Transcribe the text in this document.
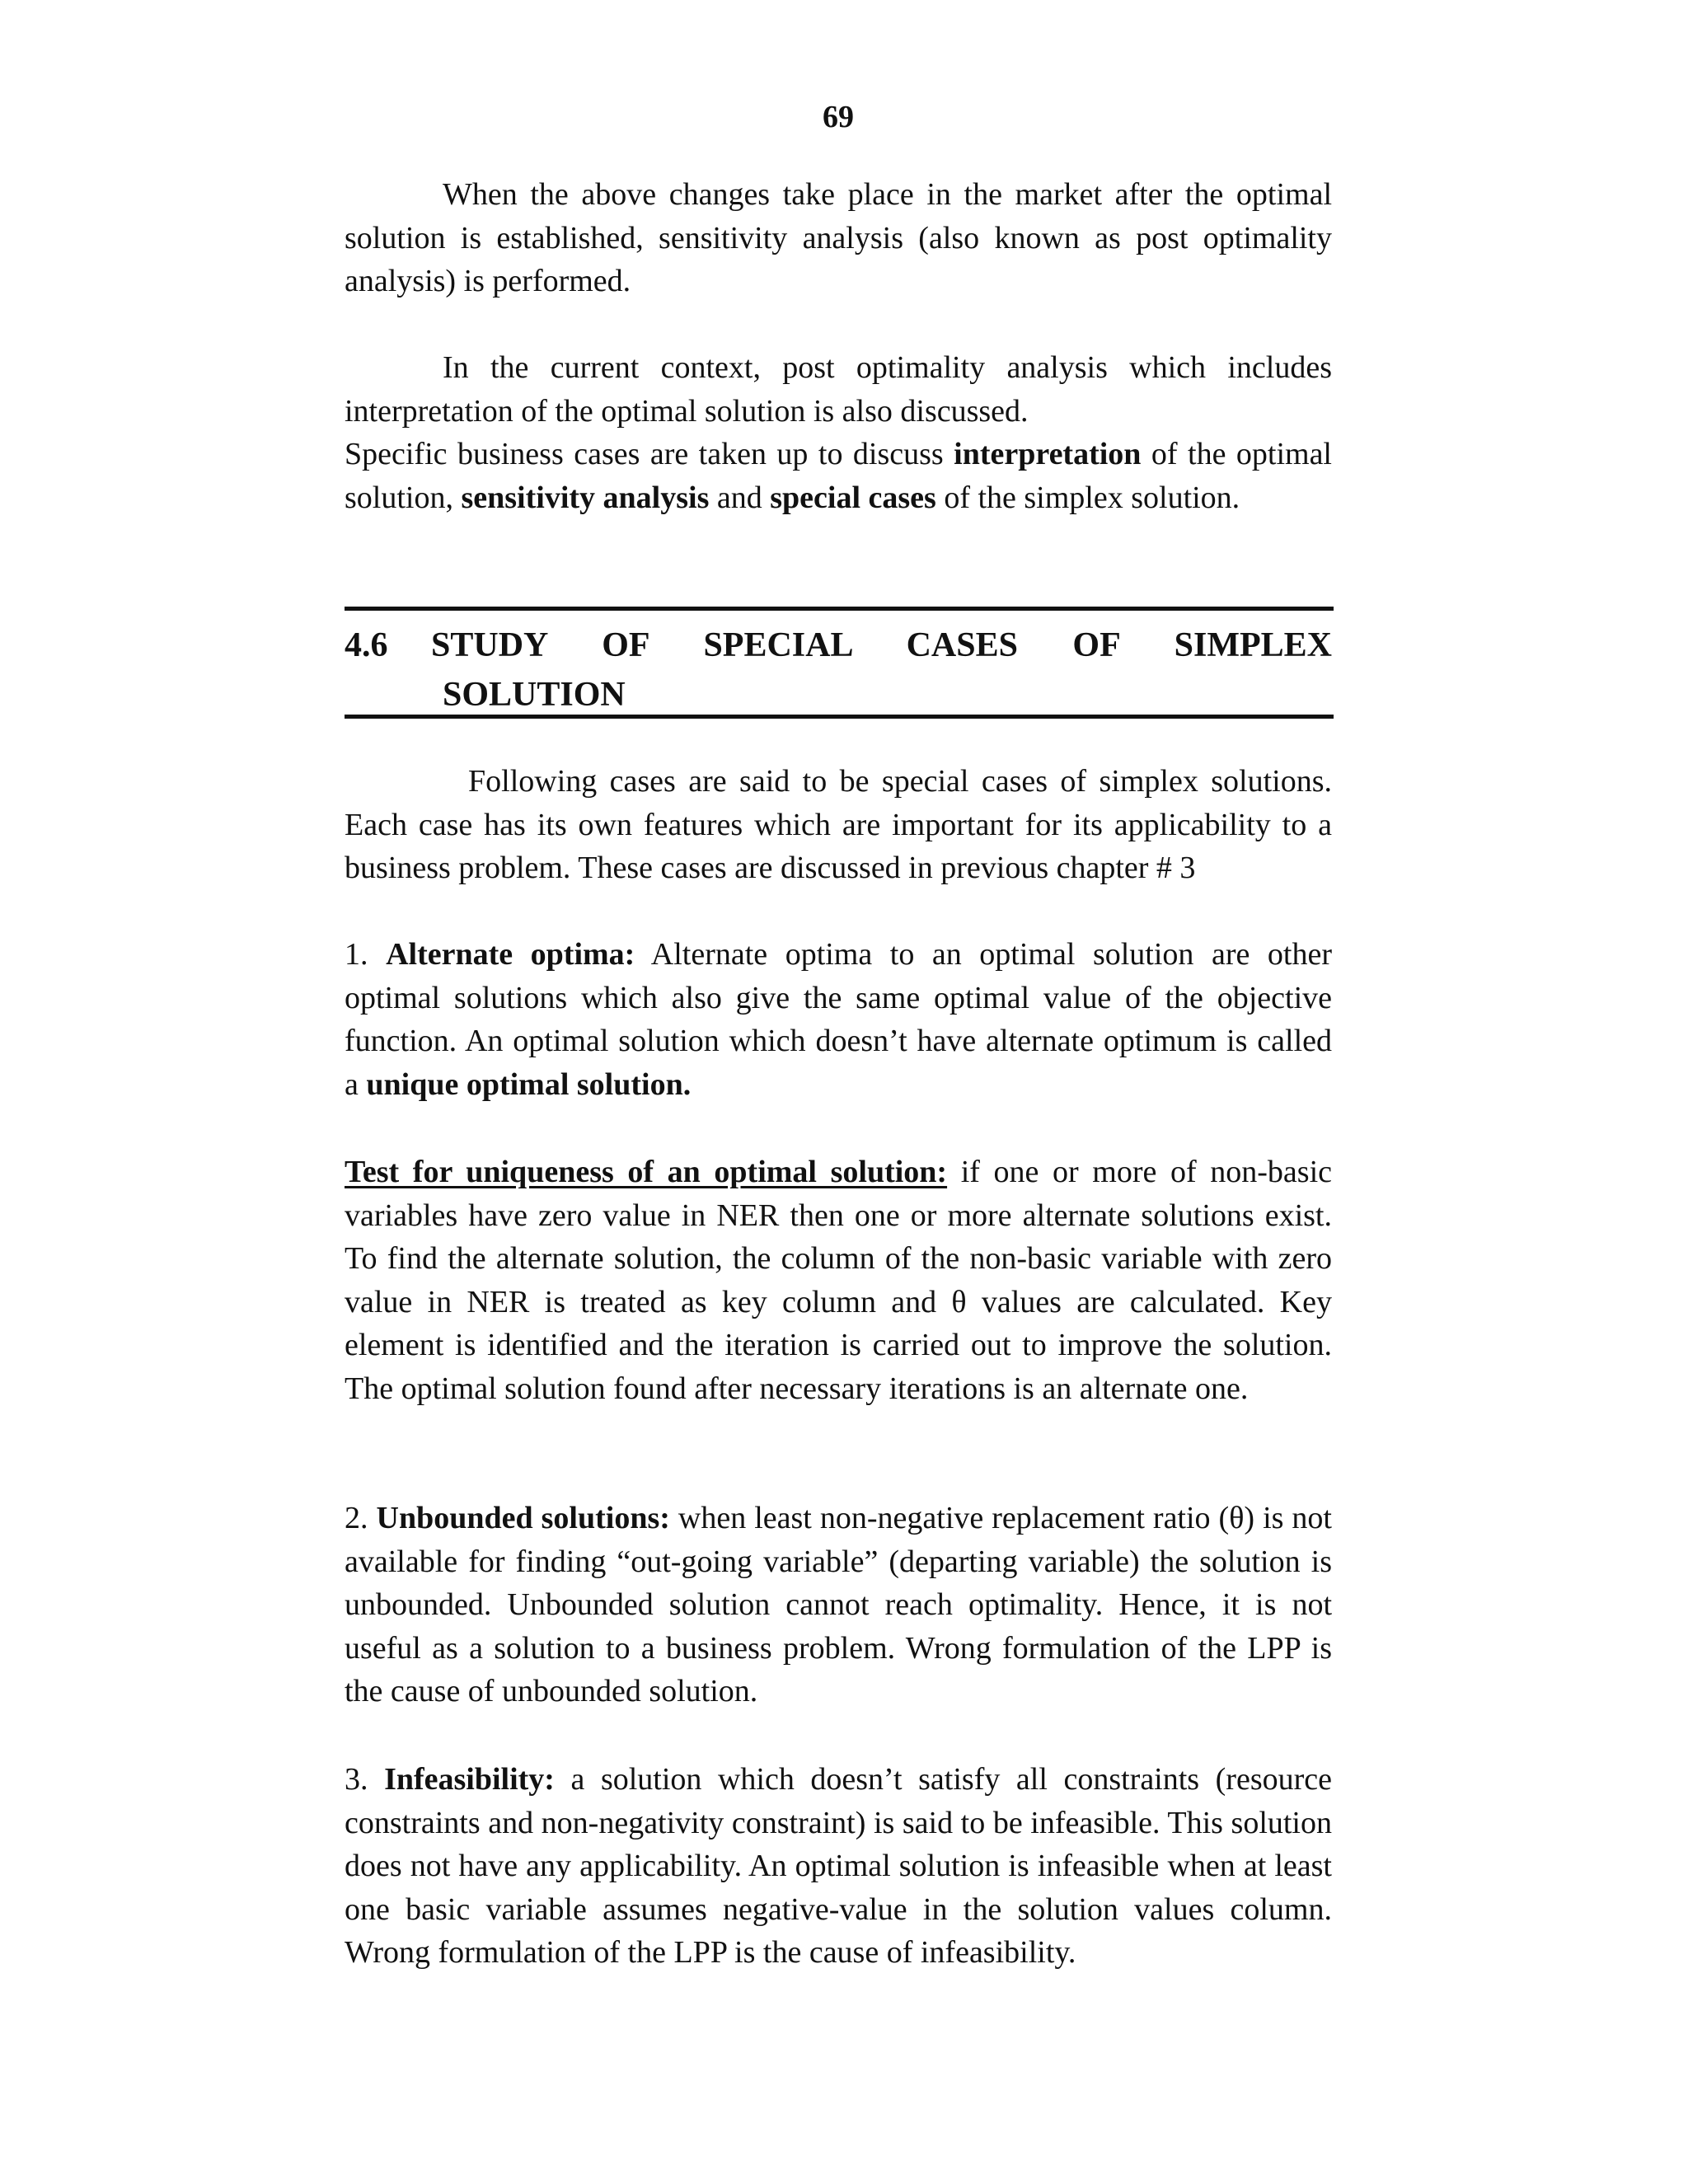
69

When the above changes take place in the market after the optimal solution is established, sensitivity analysis (also known as post optimality analysis) is performed.

In the current context, post optimality analysis which includes interpretation of the optimal solution is also discussed.

Specific business cases are taken up to discuss interpretation of the optimal solution, sensitivity analysis and special cases of the simplex solution.

4.6 STUDY OF SPECIAL CASES OF SIMPLEX
SOLUTION

Following cases are said to be special cases of simplex solutions. Each case has its own features which are important for its applicability to a business problem. These cases are discussed in previous chapter # 3

1. Alternate optima: Alternate optima to an optimal solution are other optimal solutions which also give the same optimal value of the objective function. An optimal solution which doesn’t have alternate optimum is called a unique optimal solution.

Test for uniqueness of an optimal solution: if one or more of non-basic variables have zero value in NER then one or more alternate solutions exist. To find the alternate solution, the column of the non-basic variable with zero value in NER is treated as key column and θ values are calculated. Key element is identified and the iteration is carried out to improve the solution. The optimal solution found after necessary iterations is an alternate one.

2. Unbounded solutions: when least non-negative replacement ratio (θ) is not available for finding “out-going variable” (departing variable) the solution is unbounded. Unbounded solution cannot reach optimality. Hence, it is not useful as a solution to a business problem. Wrong formulation of the LPP is the cause of unbounded solution.

3. Infeasibility: a solution which doesn’t satisfy all constraints (resource constraints and non-negativity constraint) is said to be infeasible. This solution does not have any applicability. An optimal solution is infeasible when at least one basic variable assumes negative-value in the solution values column. Wrong formulation of the LPP is the cause of infeasibility.
